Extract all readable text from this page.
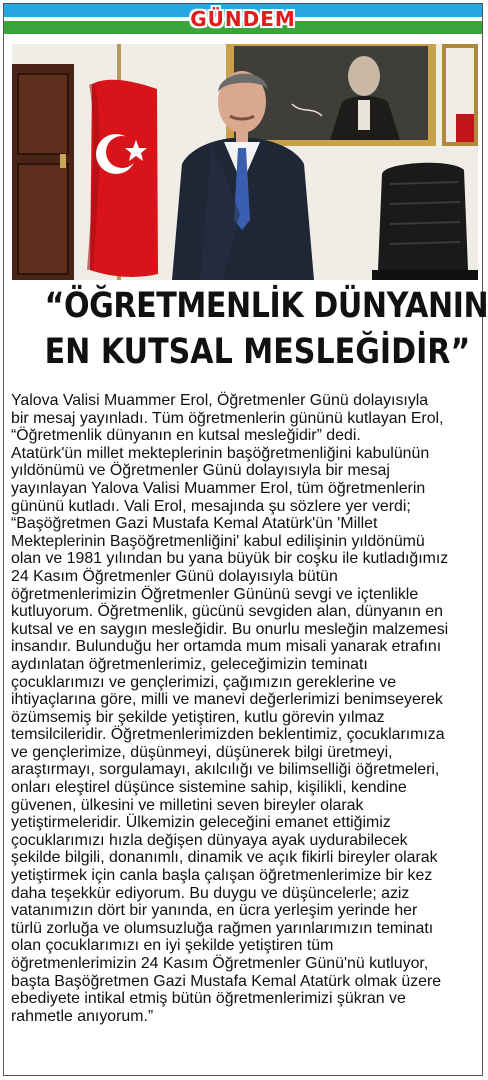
GÜNDEM
“ÖĞRETMENLİK DÜNYANIN
EN KUTSAL MESLEĞİDİR”
Yalova Valisi Muammer Erol, Öğretmenler Günü dolayısıyla
bir mesaj yayınladı. Tüm öğretmenlerin gününü kutlayan Erol,
“Öğretmenlik dünyanın en kutsal mesleğidir” dedi.
Atatürk'ün millet mekteplerinin başöğretmenliğini kabulünün
yıldönümü ve Öğretmenler Günü dolayısıyla bir mesaj
yayınlayan Yalova Valisi Muammer Erol, tüm öğretmenlerin
gününü kutladı. Vali Erol, mesajında şu sözlere yer verdi;
“Başöğretmen Gazi Mustafa Kemal Atatürk'ün 'Millet
Mekteplerinin Başöğretmenliğini' kabul edilişinin yıldönümü
olan ve 1981 yılından bu yana büyük bir coşku ile kutladığımız
24 Kasım Öğretmenler Günü dolayısıyla bütün
öğretmenlerimizin Öğretmenler Gününü sevgi ve içtenlikle
kutluyorum. Öğretmenlik, gücünü sevgiden alan, dünyanın en
kutsal ve en saygın mesleğidir. Bu onurlu mesleğin malzemesi
insandır. Bulunduğu her ortamda mum misali yanarak etrafını
aydınlatan öğretmenlerimiz, geleceğimizin teminatı
çocuklarımızı ve gençlerimizi, çağımızın gereklerine ve
ihtiyaçlarına göre, milli ve manevi değerlerimizi benimseyerek
özümsemiş bir şekilde yetiştiren, kutlu görevin yılmaz
temsilcileridir. Öğretmenlerimizden beklentimiz, çocuklarımıza
ve gençlerimize, düşünmeyi, düşünerek bilgi üretmeyi,
araştırmayı, sorgulamayı, akılcılığı ve bilimselliği öğretmeleri,
onları eleştirel düşünce sistemine sahip, kişilikli, kendine
güvenen, ülkesini ve milletini seven bireyler olarak
yetiştirmeleridir. Ülkemizin geleceğini emanet ettiğimiz
çocuklarımızı hızla değişen dünyaya ayak uydurabilecek
şekilde bilgili, donanımlı, dinamik ve açık fikirli bireyler olarak
yetiştirmek için canla başla çalışan öğretmenlerimize bir kez
daha teşekkür ediyorum. Bu duygu ve düşüncelerle; aziz
vatanımızın dört bir yanında, en ücra yerleşim yerinde her
türlü zorluğa ve olumsuzluğa rağmen yarınlarımızın teminatı
olan çocuklarımızı en iyi şekilde yetiştiren tüm
öğretmenlerimizin 24 Kasım Öğretmenler Günü'nü kutluyor,
başta Başöğretmen Gazi Mustafa Kemal Atatürk olmak üzere
ebediyete intikal etmiş bütün öğretmenlerimizi şükran ve
rahmetle anıyorum.”
